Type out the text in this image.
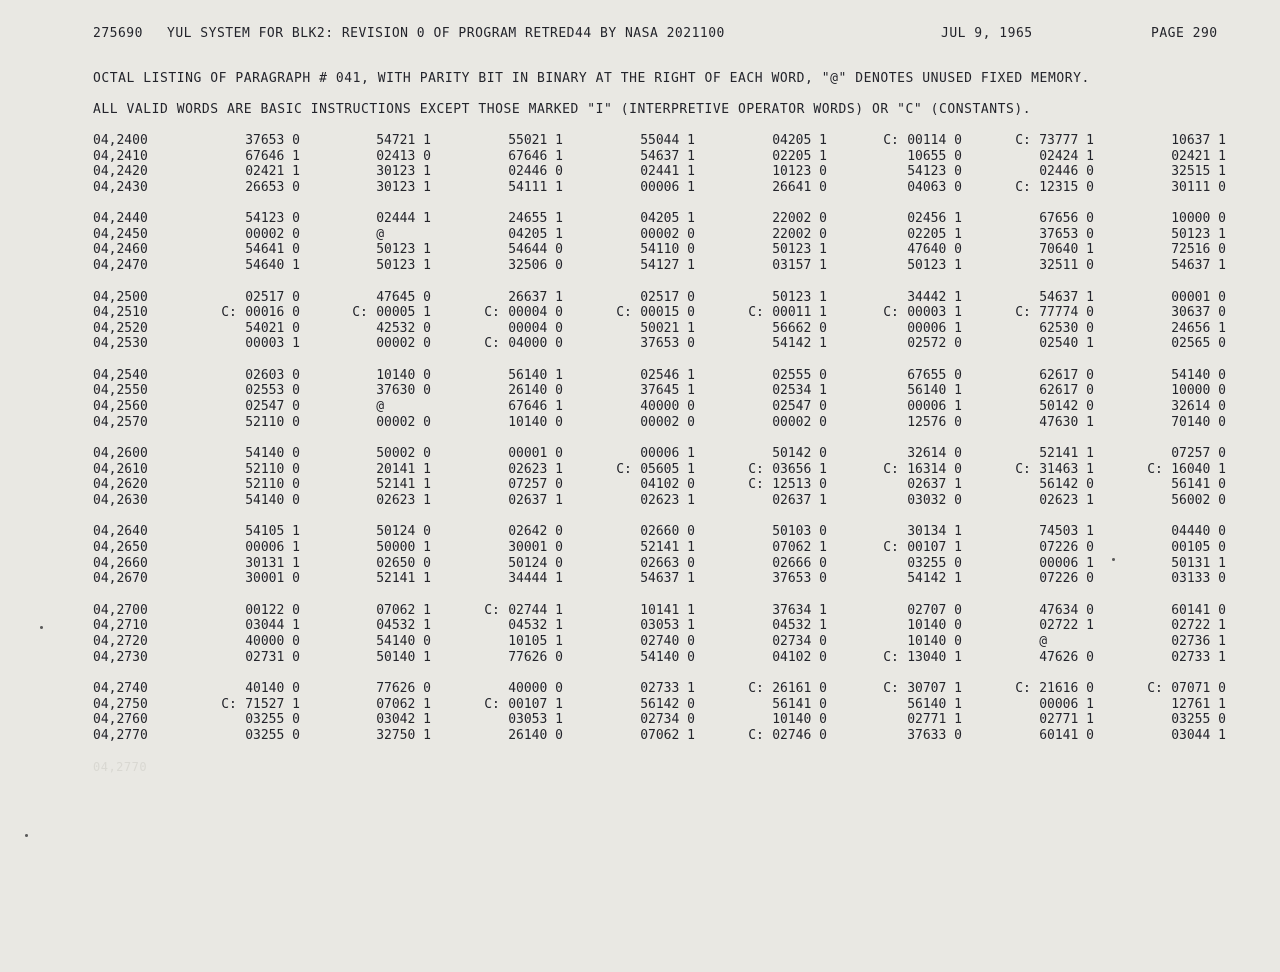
275690 YUL SYSTEM FOR BLK2: REVISION 0 OF PROGRAM RETRED44 BY NASA 2021100	JUL 9, 1965	PAGE 290
OCTAL LISTING OF PARAGRAPH # 041, WITH PARITY BIT IN BINARY AT THE RIGHT OF EACH WORD, "@" DENOTES UNUSED FIXED MEMORY.
ALL VALID WORDS ARE BASIC INSTRUCTIONS EXCEPT THOSE MARKED "I" (INTERPRETIVE OPERATOR WORDS) OR "C" (CONSTANTS).
04,2400	37653 0	54721 1	55021 1	55044 1	04205 1	C: 00114 0	C: 73777 1	10637 1
04,2410	67646 1	02413 0	67646 1	54637 1	02205 1	10655 0	02424 1	02421 1
04,2420	02421 1	30123 1	02446 0	02441 1	10123 0	54123 0	02446 0	32515 1
04,2430	26653 0	30123 1	54111 1	00006 1	26641 0	04063 0	C: 12315 0	30111 0
04,2440	54123 0	02444 1	24655 1	04205 1	22002 0	02456 1	67656 0	10000 0
04,2450	00002 0	@	04205 1	00002 0	22002 0	02205 1	37653 0	50123 1
04,2460	54641 0	50123 1	54644 0	54110 0	50123 1	47640 0	70640 1	72516 0
04,2470	54640 1	50123 1	32506 0	54127 1	03157 1	50123 1	32511 0	54637 1
04,2500	02517 0	47645 0	26637 1	02517 0	50123 1	34442 1	54637 1	00001 0
04,2510	C: 00016 0	C: 00005 1	C: 00004 0	C: 00015 0	C: 00011 1	C: 00003 1	C: 77774 0	30637 0
04,2520	54021 0	42532 0	00004 0	50021 1	56662 0	00006 1	62530 0	24656 1
04,2530	00003 1	00002 0	C: 04000 0	37653 0	54142 1	02572 0	02540 1	02565 0
04,2540	02603 0	10140 0	56140 1	02546 1	02555 0	67655 0	62617 0	54140 0
04,2550	02553 0	37630 0	26140 0	37645 1	02534 1	56140 1	62617 0	10000 0
04,2560	02547 0	@	67646 1	40000 0	02547 0	00006 1	50142 0	32614 0
04,2570	52110 0	00002 0	10140 0	00002 0	00002 0	12576 0	47630 1	70140 0
04,2600	54140 0	50002 0	00001 0	00006 1	50142 0	32614 0	52141 1	07257 0
04,2610	52110 0	20141 1	02623 1	C: 05605 1	C: 03656 1	C: 16314 0	C: 31463 1	C: 16040 1
04,2620	52110 0	52141 1	07257 0	04102 0	C: 12513 0	02637 1	56142 0	56141 0
04,2630	54140 0	02623 1	02637 1	02623 1	02637 1	03032 0	02623 1	56002 0
04,2640	54105 1	50124 0	02642 0	02660 0	50103 0	30134 1	74503 1	04440 0
04,2650	00006 1	50000 1	30001 0	52141 1	07062 1	C: 00107 1	07226 0	00105 0
04,2660	30131 1	02650 0	50124 0	02663 0	02666 0	03255 0	00006 1	50131 1
04,2670	30001 0	52141 1	34444 1	54637 1	37653 0	54142 1	07226 0	03133 0
04,2700	00122 0	07062 1	C: 02744 1	10141 1	37634 1	02707 0	47634 0	60141 0
04,2710	03044 1	04532 1	04532 1	03053 1	04532 1	10140 0	02722 1	02722 1
04,2720	40000 0	54140 0	10105 1	02740 0	02734 0	10140 0	@	02736 1
04,2730	02731 0	50140 1	77626 0	54140 0	04102 0	C: 13040 1	47626 0	02733 1
04,2740	40140 0	77626 0	40000 0	02733 1	C: 26161 0	C: 30707 1	C: 21616 0	C: 07071 0
04,2750	C: 71527 1	07062 1	C: 00107 1	56142 0	56141 0	56140 1	00006 1	12761 1
04,2760	03255 0	03042 1	03053 1	02734 0	10140 0	02771 1	02771 1	03255 0
04,2770	03255 0	32750 1	26140 0	07062 1	C: 02746 0	37633 0	60141 0	03044 1
04,2770
